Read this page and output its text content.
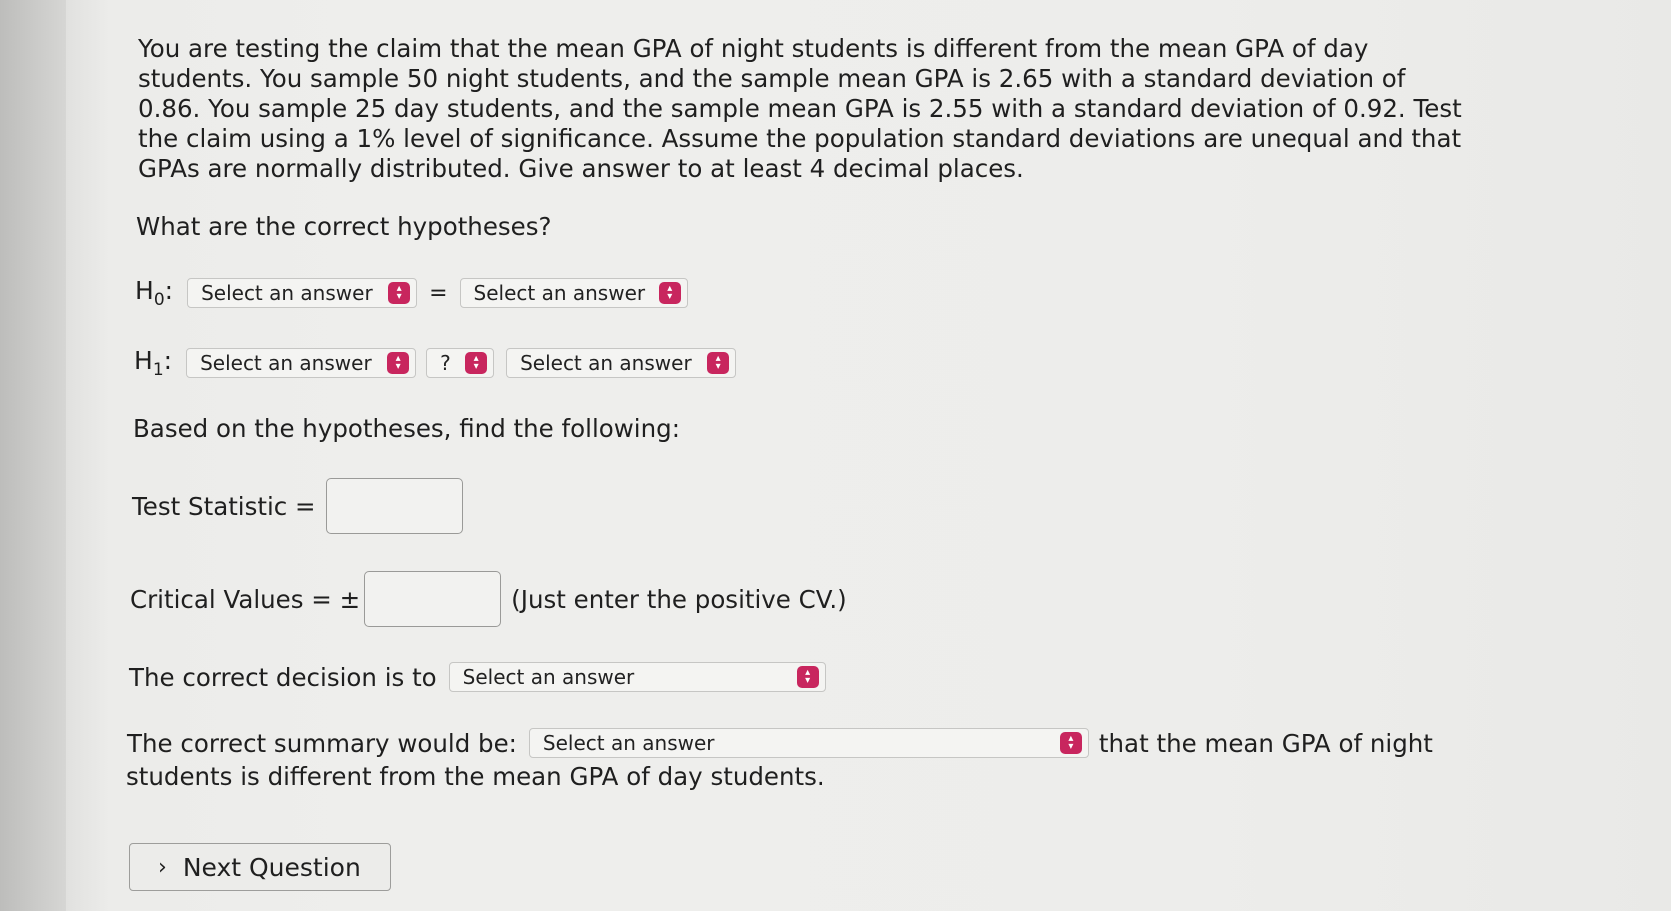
You are testing the claim that the mean GPA of night students is different from the mean GPA of day students. You sample 50 night students, and the sample mean GPA is 2.65 with a standard deviation of 0.86. You sample 25 day students, and the sample mean GPA is 2.55 with a standard deviation of 0.92. Test the claim using a 1% level of significance. Assume the population standard deviations are unequal and that GPAs are normally distributed. Give answer to at least 4 decimal places.
What are the correct hypotheses?
$H_0$: Select an answer ▴
▾ = Select an answer ▴
▾
$H_1$: Select an answer ▴
▾ ? ▴
▾ Select an answer ▴
▾
Based on the hypotheses, find the following:
Test Statistic =
Critical Values = ±	(Just enter the positive CV.)
The correct decision is to Select an answer	▴
▾
The correct summary would be: Select an answer	▴
▾ that the mean GPA of night
students is different from the mean GPA of day students.
› Next Question
